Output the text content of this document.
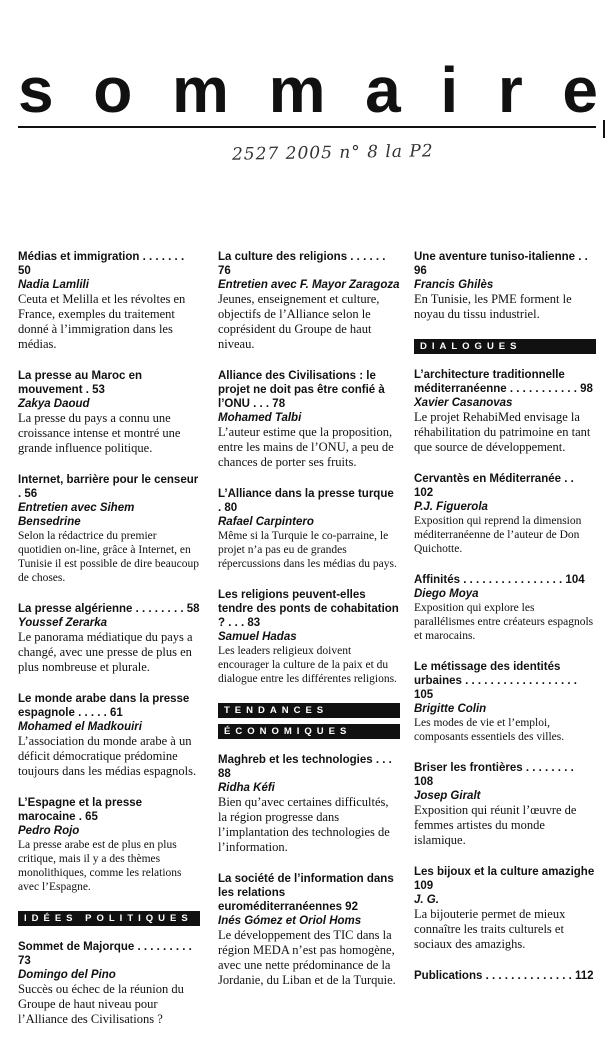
s o m m a i r e
2527 2005 n° 8 la P2
Médias et immigration . . . . . . . 50
Nadia Lamlili
Ceuta et Melilla et les révoltes en France, exemples du traitement donné à l’immigration dans les médias.
La presse au Maroc en mouvement . 53
Zakya Daoud
La presse du pays a connu une croissance intense et montré une grande influence politique.
Internet, barrière pour le censeur . 56
Entretien avec Sihem Bensedrine
Selon la rédactrice du premier quotidien on-line, grâce à Internet, en Tunisie il est possible de dire beaucoup de choses.
La presse algérienne . . . . . . . . 58
Youssef Zerarka
Le panorama médiatique du pays a changé, avec une presse de plus en plus nombreuse et plurale.
Le monde arabe dans la presse espagnole . . . . . 61
Mohamed el Madkouiri
L’association du monde arabe à un déficit démocratique prédomine toujours dans les médias espagnols.
L’Espagne et la presse marocaine . 65
Pedro Rojo
La presse arabe est de plus en plus critique, mais il y a des thèmes monolithiques, comme les relations avec l’Espagne.
IDÉES POLITIQUES
Sommet de Majorque . . . . . . . . . 73
Domingo del Pino
Succès ou échec de la réunion du Groupe de haut niveau pour l’Alliance des Civilisations ?
La culture des religions . . . . . . 76
Entretien avec F. Mayor Zaragoza
Jeunes, enseignement et culture, objectifs de l’Alliance selon le coprésident du Groupe de haut niveau.
Alliance des Civilisations : le projet ne doit pas être confié à l’ONU . . . 78
Mohamed Talbi
L’auteur estime que la proposition, entre les mains de l’ONU, a peu de chances de porter ses fruits.
L’Alliance dans la presse turque . 80
Rafael Carpintero
Même si la Turquie le co-parraine, le projet n’a pas eu de grandes répercussions dans les médias du pays.
Les religions peuvent-elles tendre des ponts de cohabitation ? . . . 83
Samuel Hadas
Les leaders religieux doivent encourager la culture de la paix et du dialogue entre les différentes religions.
TENDANCES
ÉCONOMIQUES
Maghreb et les technologies . . . 88
Ridha Kéfi
Bien qu’avec certaines difficultés, la région progresse dans l’implantation des technologies de l’information.
La société de l’information dans les relations euroméditerranéennes 92
Inés Gómez et Oriol Homs
Le développement des TIC dans la région MEDA n’est pas homogène, avec une nette prédominance de la Jordanie, du Liban et de la Turquie.
Une aventure tuniso-italienne . . 96
Francis Ghilès
En Tunisie, les PME forment le noyau du tissu industriel.
DIALOGUES
L’architecture traditionnelle méditerranéenne . . . . . . . . . . . 98
Xavier Casanovas
Le projet RehabiMed envisage la réhabilitation du patrimoine en tant que source de développement.
Cervantès en Méditerranée . . 102
P.J. Figuerola
Exposition qui reprend la dimension méditerranéenne de l’auteur de Don Quichotte.
Affinités . . . . . . . . . . . . . . . . 104
Diego Moya
Exposition qui explore les parallélismes entre créateurs espagnols et marocains.
Le métissage des identités urbaines . . . . . . . . . . . . . . . . . . 105
Brigitte Colin
Les modes de vie et l’emploi, composants essentiels des villes.
Briser les frontières . . . . . . . . 108
Josep Giralt
Exposition qui réunit l’œuvre de femmes artistes du monde islamique.
Les bijoux et la culture amazighe 109
J. G.
La bijouterie permet de mieux connaître les traits culturels et sociaux des amazighs.
Publications . . . . . . . . . . . . . . 112
